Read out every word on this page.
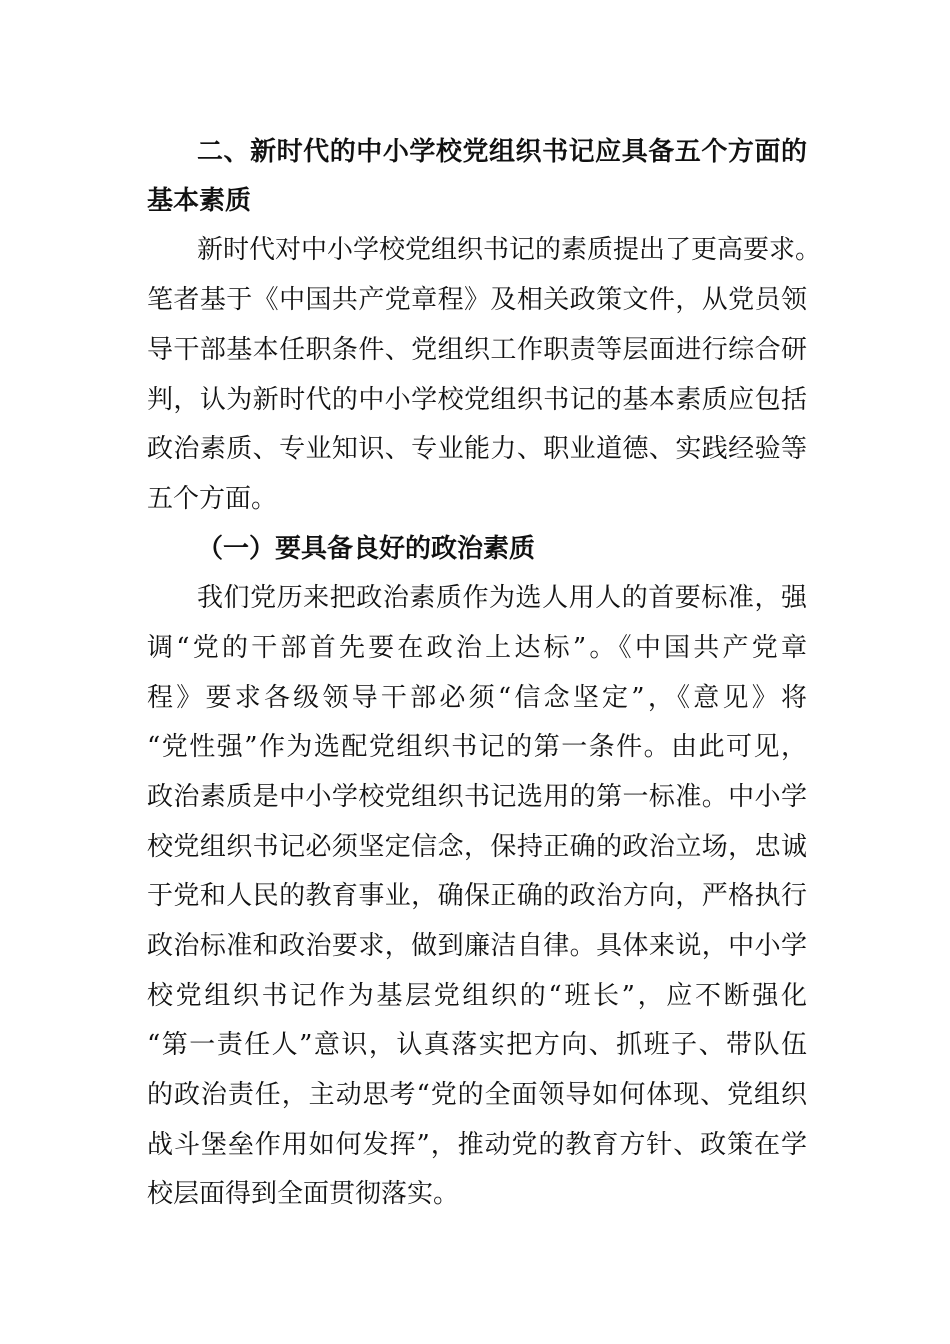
二、新时代的中小学校党组织书记应具备五个方面的
基本素质
新时代对中小学校党组织书记的素质提出了更高要求。
笔者基于《中国共产党章程》及相关政策文件，从党员领
导干部基本任职条件、党组织工作职责等层面进行综合研
判，认为新时代的中小学校党组织书记的基本素质应包括
政治素质、专业知识、专业能力、职业道德、实践经验等
五个方面。
（一）要具备良好的政治素质
我们党历来把政治素质作为选人用人的首要标准，强
调“党的干部首先要在政治上达标”。《中国共产党章
程》要求各级领导干部必须“信念坚定”，《意见》将
“党性强”作为选配党组织书记的第一条件。由此可见，
政治素质是中小学校党组织书记选用的第一标准。中小学
校党组织书记必须坚定信念，保持正确的政治立场，忠诚
于党和人民的教育事业，确保正确的政治方向，严格执行
政治标准和政治要求，做到廉洁自律。具体来说，中小学
校党组织书记作为基层党组织的“班长”，应不断强化
“第一责任人”意识，认真落实把方向、抓班子、带队伍
的政治责任，主动思考“党的全面领导如何体现、党组织
战斗堡垒作用如何发挥”，推动党的教育方针、政策在学
校层面得到全面贯彻落实。
